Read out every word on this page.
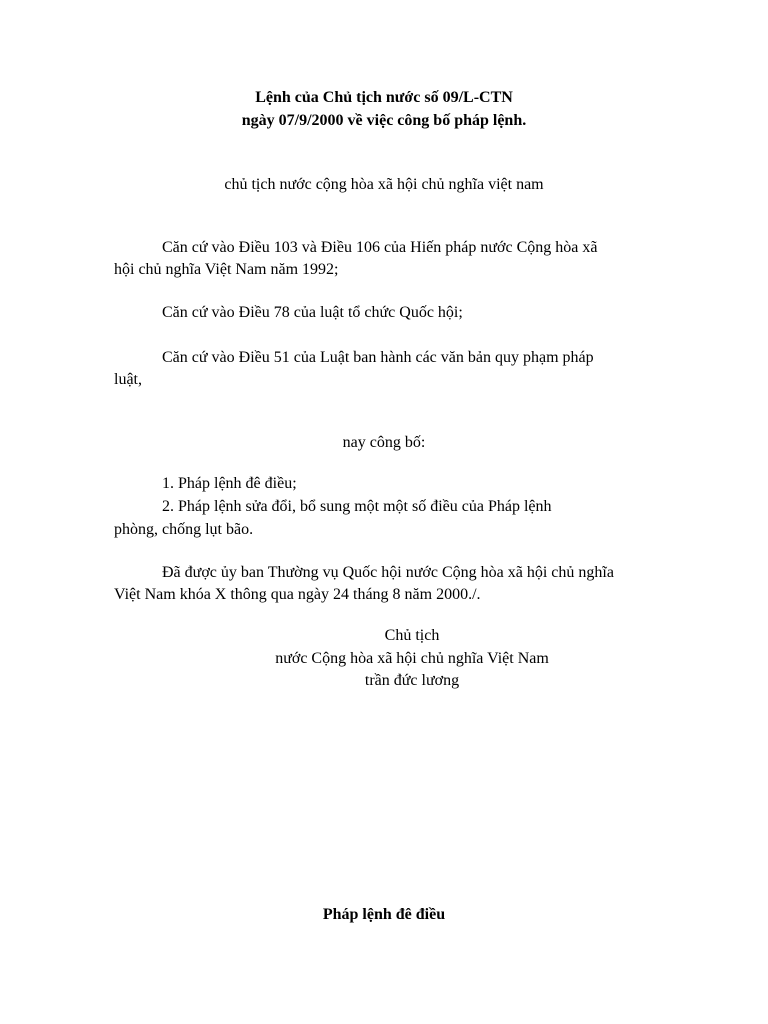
Lệnh của Chủ tịch nước số 09/L-CTN
ngày 07/9/2000 về việc công bố pháp lệnh.
chủ tịch nước cộng hòa xã hội chủ nghĩa việt nam
Căn cứ vào Điều 103 và Điều 106 của Hiến pháp nước Cộng hòa xã
hội chủ nghĩa Việt Nam năm 1992;
Căn cứ vào Điều 78 của luật tổ chức Quốc hội;
Căn cứ vào Điều 51 của Luật ban hành các văn bản quy phạm pháp
luật,
nay công bố:
1. Pháp lệnh đê điều;
2. Pháp lệnh sửa đổi, bổ sung một một số điều của Pháp lệnh
phòng, chống lụt bão.
Đã được ủy ban Thường vụ Quốc hội nước Cộng hòa xã hội chủ nghĩa
Việt Nam khóa X thông qua ngày 24 tháng 8 năm 2000./.
Chủ tịch
nước Cộng hòa xã hội chủ nghĩa Việt Nam
trần đức lương
Pháp lệnh đê điều
